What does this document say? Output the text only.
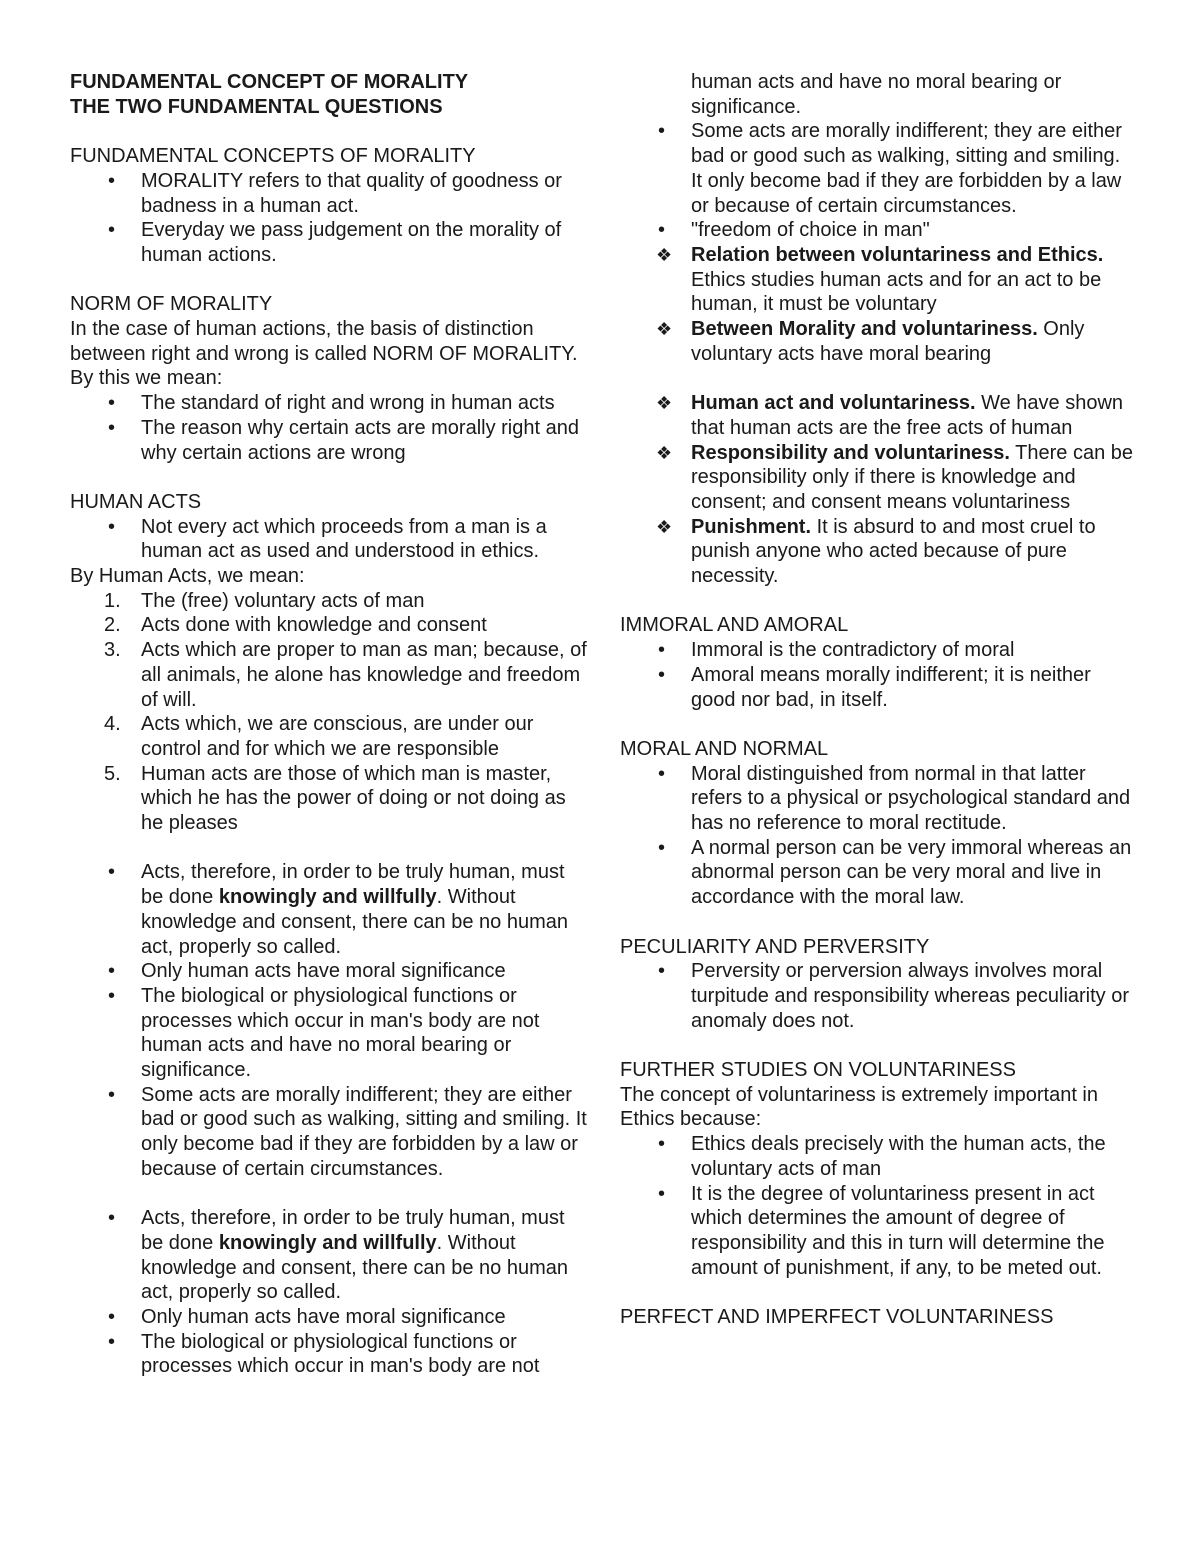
FUNDAMENTAL CONCEPT OF MORALITY

THE TWO FUNDAMENTAL QUESTIONS

FUNDAMENTAL CONCEPTS OF MORALITY

•	MORALITY refers to that quality of goodness or badness in a human act.
•	Everyday we pass judgement on the morality of human actions.

NORM OF MORALITY

In the case of human actions, the basis of distinction between right and wrong is called NORM OF MORALITY. By this we mean:

•	The standard of right and wrong in human acts
•	The reason why certain acts are morally right and why certain actions are wrong

HUMAN ACTS

•	Not every act which proceeds from a man is a human act as used and understood in ethics.

By Human Acts, we mean:

1.	The (free) voluntary acts of man
2.	Acts done with knowledge and consent
3.	Acts which are proper to man as man; because, of all animals, he alone has knowledge and freedom of will.
4.	Acts which, we are conscious, are under our control and for which we are responsible
5.	Human acts are those of which man is master, which he has the power of doing or not doing as he pleases
•	Acts, therefore, in order to be truly human, must be done knowingly and willfully. Without knowledge and consent, there can be no human act, properly so called.
•	Only human acts have moral significance
•	The biological or physiological functions or processes which occur in man's body are not human acts and have no moral bearing or significance.
•	Some acts are morally indifferent; they are either bad or good such as walking, sitting and smiling. It only become bad if they are forbidden by a law or because of certain circumstances.
•	Acts, therefore, in order to be truly human, must be done knowingly and willfully. Without knowledge and consent, there can be no human act, properly so called.
•	Only human acts have moral significance
•	The biological or physiological functions or processes which occur in man's body are not
human acts and have no moral bearing or significance.
•	Some acts are morally indifferent; they are either bad or good such as walking, sitting and smiling. It only become bad if they are forbidden by a law or because of certain circumstances.
•	"freedom of choice in man"
❖ Relation between voluntariness and Ethics. Ethics studies human acts and for an act to be human, it must be voluntary
❖ Between Morality and voluntariness. Only voluntary acts have moral bearing
❖ Human act and voluntariness. We have shown that human acts are the free acts of human
❖ Responsibility and voluntariness. There can be responsibility only if there is knowledge and consent; and consent means voluntariness
❖ Punishment. It is absurd to and most cruel to punish anyone who acted because of pure necessity.

IMMORAL AND AMORAL

•	Immoral is the contradictory of moral
•	Amoral means morally indifferent; it is neither good nor bad, in itself.

MORAL AND NORMAL

•	Moral distinguished from normal in that latter refers to a physical or psychological standard and has no reference to moral rectitude.
•	A normal person can be very immoral whereas an abnormal person can be very moral and live in accordance with the moral law.

PECULIARITY AND PERVERSITY

•	Perversity or perversion always involves moral turpitude and responsibility whereas peculiarity or anomaly does not.

FURTHER STUDIES ON VOLUNTARINESS

The concept of voluntariness is extremely important in Ethics because:

•	Ethics deals precisely with the human acts, the voluntary acts of man
•	It is the degree of voluntariness present in act which determines the amount of degree of responsibility and this in turn will determine the amount of punishment, if any, to be meted out.

PERFECT AND IMPERFECT VOLUNTARINESS
